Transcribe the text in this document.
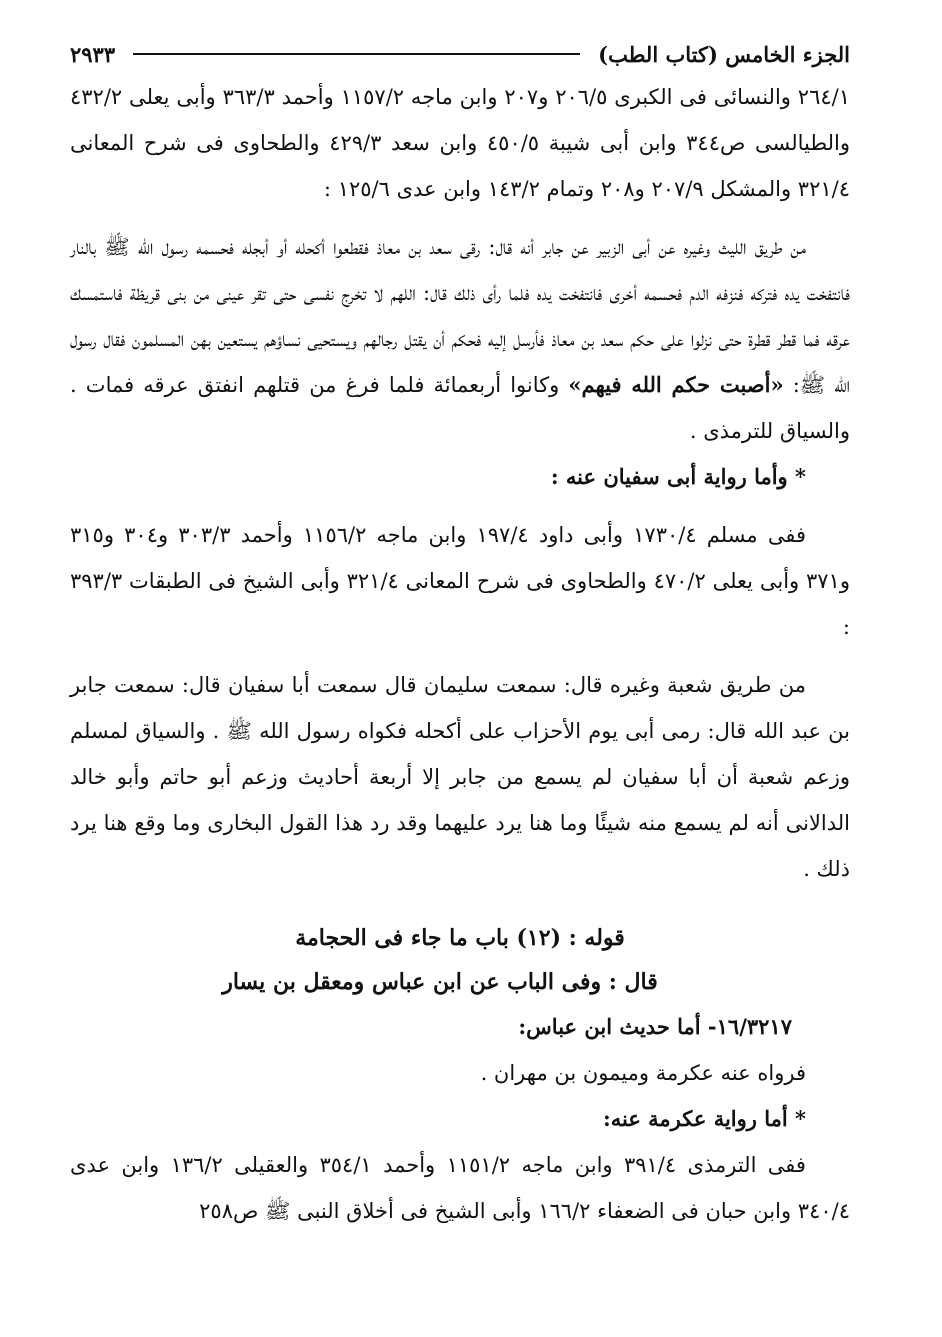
الجزء الخامس (كتاب الطب)
٢٩٣٣

٢٦٤/١ والنسائى فى الكبرى ٢٠٦/٥ و٢٠٧ وابن ماجه ١١٥٧/٢ وأحمد ٣٦٣/٣ وأبى يعلى ٤٣٢/٢ والطيالسى ص٣٤٤ وابن أبى شيبة ٤٥٠/٥ وابن سعد ٤٢٩/٣ والطحاوى فى شرح المعانى ٣٢١/٤ والمشكل ٢٠٧/٩ و٢٠٨ وتمام ١٤٣/٢ وابن عدى ١٢٥/٦ :

من طريق الليث وغيره عن أبى الزبير عن جابر أنه قال: رقى سعد بن معاذ فقطعوا أكحله أو أبجله فحسمه رسول الله ﷺ بالنار فانتفخت يده فتركه فنزفه الدم فحسمه أخرى فانتفخت يده فلما رأى ذلك قال: اللهم لا تخرج نفسى حتى تقر عينى من بنى قريظة فاستمسك عرقه فما قطر قطرة حتى نزلوا على حكم سعد بن معاذ فأرسل إليه فحكم أن يقتل رجالهم ويستحيى نساؤهم يستعين بهن المسلمون فقال رسول الله ﷺ: «أصبت حكم الله فيهم» وكانوا أربعمائة فلما فرغ من قتلهم انفتق عرقه فمات . والسياق للترمذى .

* وأما رواية أبى سفيان عنه :

ففى مسلم ١٧٣٠/٤ وأبى داود ١٩٧/٤ وابن ماجه ١١٥٦/٢ وأحمد ٣٠٣/٣ و٣٠٤ و٣١٥ و٣٧١ وأبى يعلى ٤٧٠/٢ والطحاوى فى شرح المعانى ٣٢١/٤ وأبى الشيخ فى الطبقات ٣٩٣/٣ :

من طريق شعبة وغيره قال: سمعت سليمان قال سمعت أبا سفيان قال: سمعت جابر بن عبد الله قال: رمى أبى يوم الأحزاب على أكحله فكواه رسول الله ﷺ . والسياق لمسلم وزعم شعبة أن أبا سفيان لم يسمع من جابر إلا أربعة أحاديث وزعم أبو حاتم وأبو خالد الدالانى أنه لم يسمع منه شيئًا وما هنا يرد عليهما وقد رد هذا القول البخارى وما وقع هنا يرد ذلك .

قوله : (١٢) باب ما جاء فى الحجامة

قال : وفى الباب عن ابن عباس ومعقل بن يسار

١٦/٣٢١٧- أما حديث ابن عباس:

فرواه عنه عكرمة وميمون بن مهران .

* أما رواية عكرمة عنه:

ففى الترمذى ٣٩١/٤ وابن ماجه ١١٥١/٢ وأحمد ٣٥٤/١ والعقيلى ١٣٦/٢ وابن عدى ٣٤٠/٤ وابن حبان فى الضعفاء ١٦٦/٢ وأبى الشيخ فى أخلاق النبى ﷺ ص٢٥٨
